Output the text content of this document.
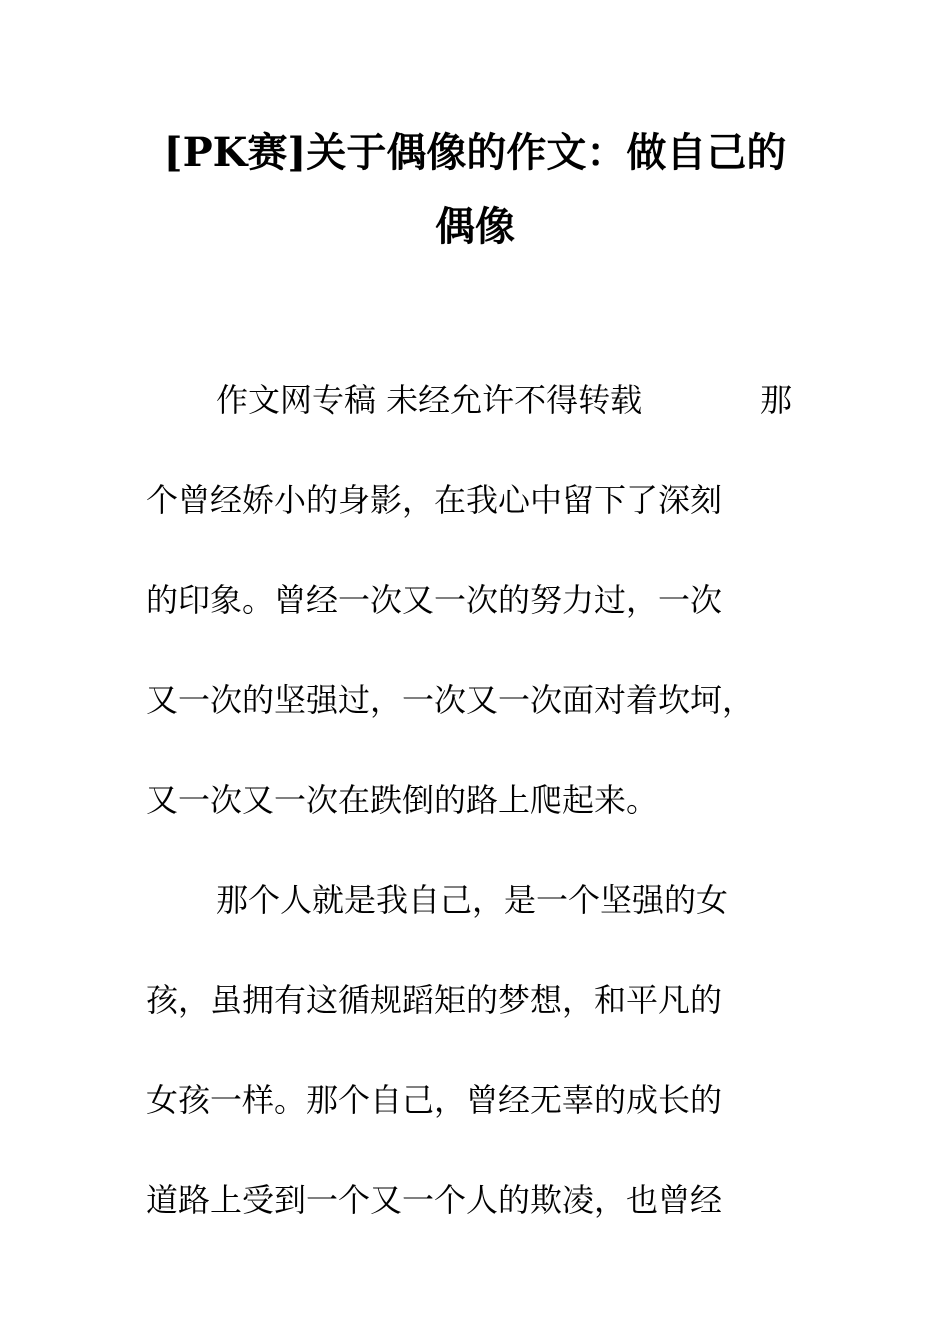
[PK赛]关于偶像的作文：做自己的
偶像
作文网专稿 未经允许不得转载	那
个曾经娇小的身影，在我心中留下了深刻
的印象。曾经一次又一次的努力过，一次
又一次的坚强过，一次又一次面对着坎坷，
又一次又一次在跌倒的路上爬起来。
那个人就是我自己，是一个坚强的女
孩，虽拥有这循规蹈矩的梦想，和平凡的
女孩一样。那个自己，曾经无辜的成长的
道路上受到一个又一个人的欺凌，也曾经
